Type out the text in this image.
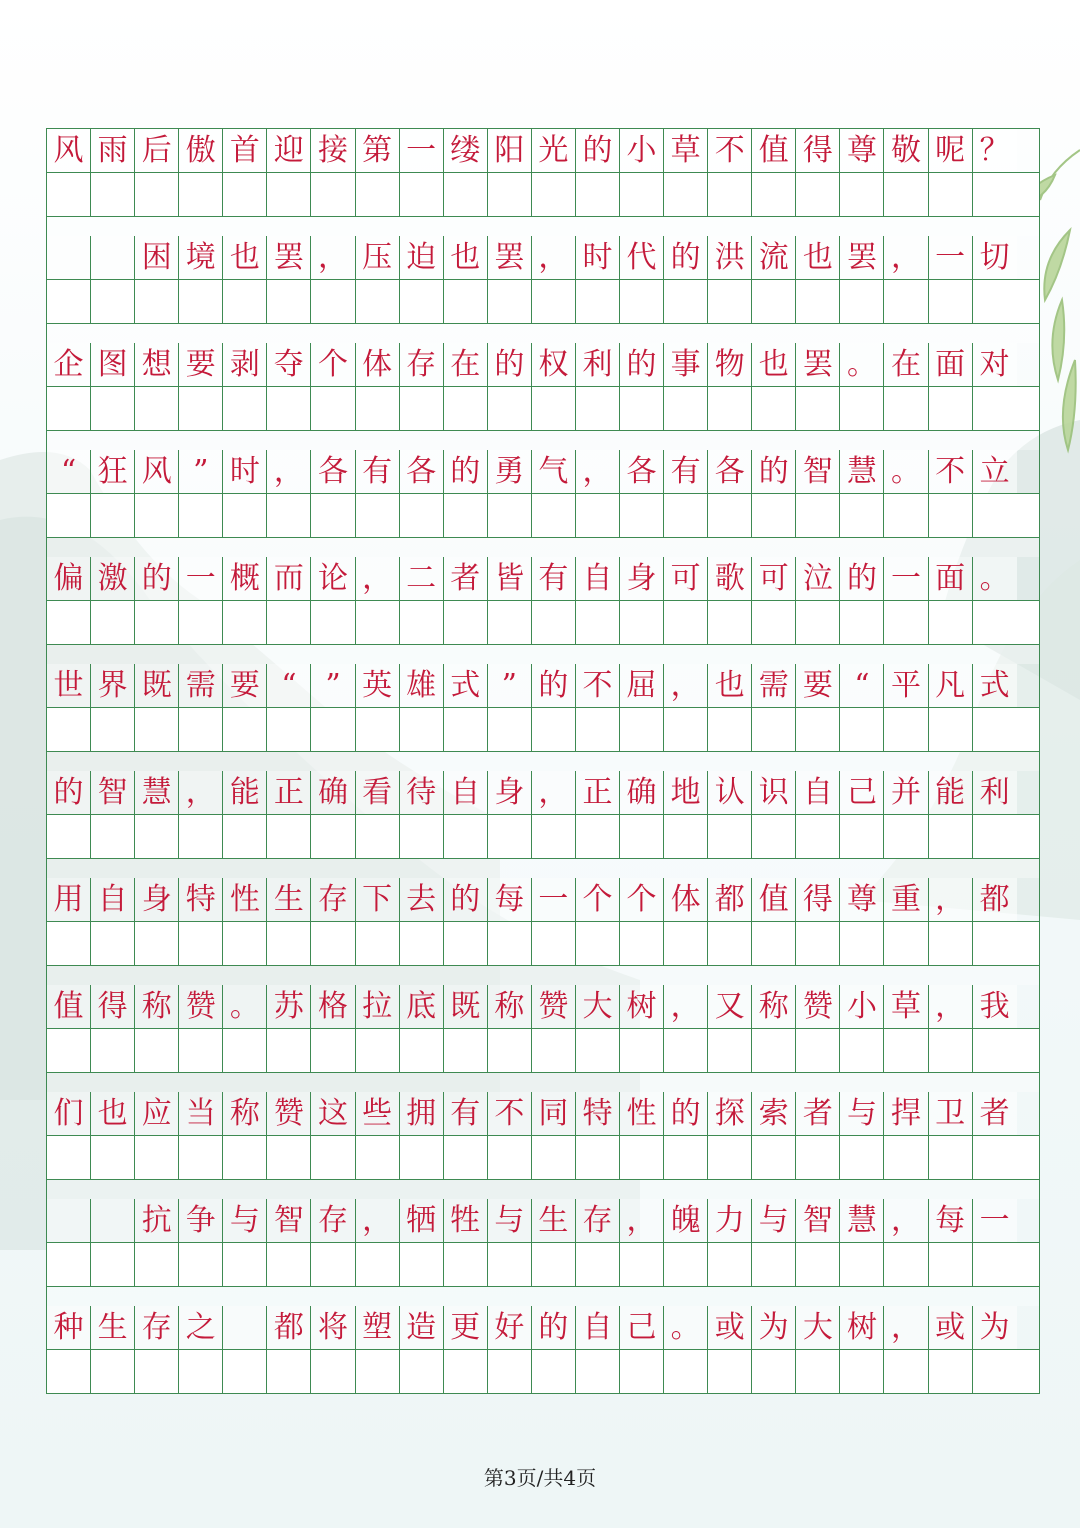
风 雨 后 傲 首 迎 接 第 一 缕 阳 光 的 小 草 不 值 得 尊 敬 呢 ？
困 境 也 罢 ， 压 迫 也 罢 ， 时 代 的 洪 流 也 罢 ， 一 切
企 图 想 要 剥 夺 个 体 存 在 的 权 利 的 事 物 也 罢 。 在 面 对
“ 狂 风 ” 时 ， 各 有 各 的 勇 气 ， 各 有 各 的 智 慧 。 不 立
偏 激 的 一 概 而 论 ， 二 者 皆 有 自 身 可 歌 可 泣 的 一 面 。
世 界 既 需 要 “ ” 英 雄 式 ” 的 不 屈 ， 也 需 要 “ 平 凡 式
的 智 慧 ， 能 正 确 看 待 自 身 ， 正 确 地 认 识 自 己 并 能 利
用 自 身 特 性 生 存 下 去 的 每 一 个 个 体 都 值 得 尊 重 ， 都
值 得 称 赞 。 苏 格 拉 底 既 称 赞 大 树 ， 又 称 赞 小 草 ， 我
们 也 应 当 称 赞 这 些 拥 有 不 同 特 性 的 探 索 者 与 捍 卫 者
抗 争 与 智 存 ， 牺 牲 与 生 存 ， 魄 力 与 智 慧 ， 每 一
种 生 存 之 都 将 塑 造 更 好 的 自 己 。 或 为 大 树 ， 或 为
第3页/共4页
